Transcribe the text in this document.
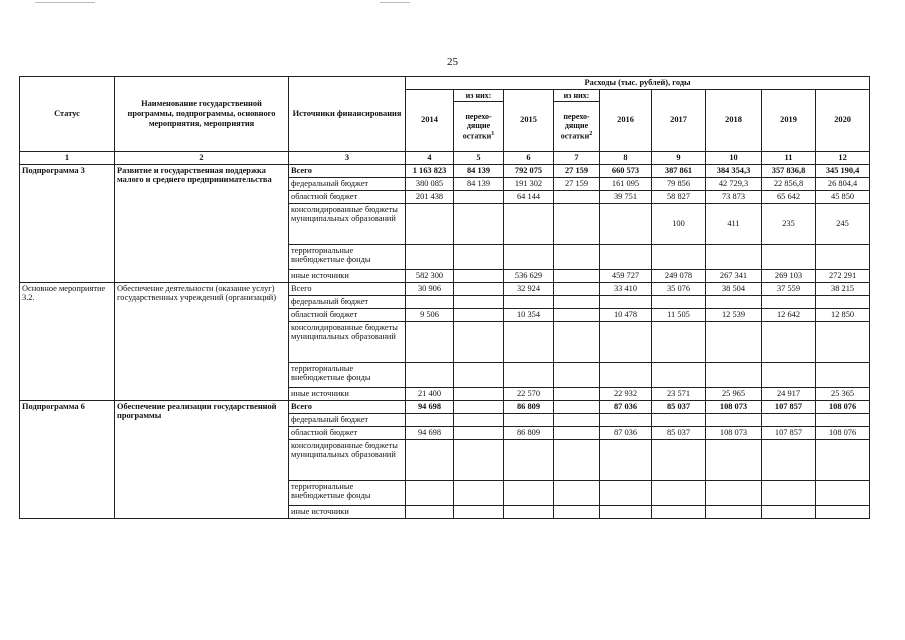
25
Статус	Наименование государственной программы, подпрограммы, основного мероприятия, мероприятия	Источники финансирования	Расходы (тыс. рублей), годы								
			2014	из них:	2015	из них:	2016	2017	2018	2019	2020
				перехо-дящие остатки$^1$		перехо-дящие остатки$^2$
1	2	3	4	5	6	7	8	9	10	11	12
Подпрограмма 3	Развитие и государственная поддержка малого и среднего предпринимательства	Всего	1 163 823	84 139	792 075	27 159	660 573	387 861	384 354,3	357 836,8	345 190,4
		федеральный бюджет	380 085	84 139	191 302	27 159	161 095	79 856	42 729,3	22 856,8	26 804,4
		областной бюджет	201 438		64 144		39 751	58 827	73 873	65 642	45 850
		консолидированные бюджеты муниципальных образований						100	411	235	245
		территориальные внебюджетные фонды									
		иные источники	582 300		536 629		459 727	249 078	267 341	269 103	272 291
Основное мероприятие 3.2.	Обеспечение деятельности (оказание услуг) государственных учреждений (организаций)	Всего	30 906		32 924		33 410	35 076	38 504	37 559	38 215
		федеральный бюджет									
		областной бюджет	9 506		10 354		10 478	11 505	12 539	12 642	12 850
		консолидированные бюджеты муниципальных образований									
		территориальные внебюджетные фонды									
		иные источники	21 400		22 570		22 932	23 571	25 965	24 917	25 365
Подпрограмма 6	Обеспечение реализации государственной программы	Всего	94 698		86 809		87 036	85 037	108 073	107 857	108 076
		федеральный бюджет									
		областной бюджет	94 698		86 809		87 036	85 037	108 073	107 857	108 076
		консолидированные бюджеты муниципальных образований									
		территориальные внебюджетные фонды									
		иные источники									
